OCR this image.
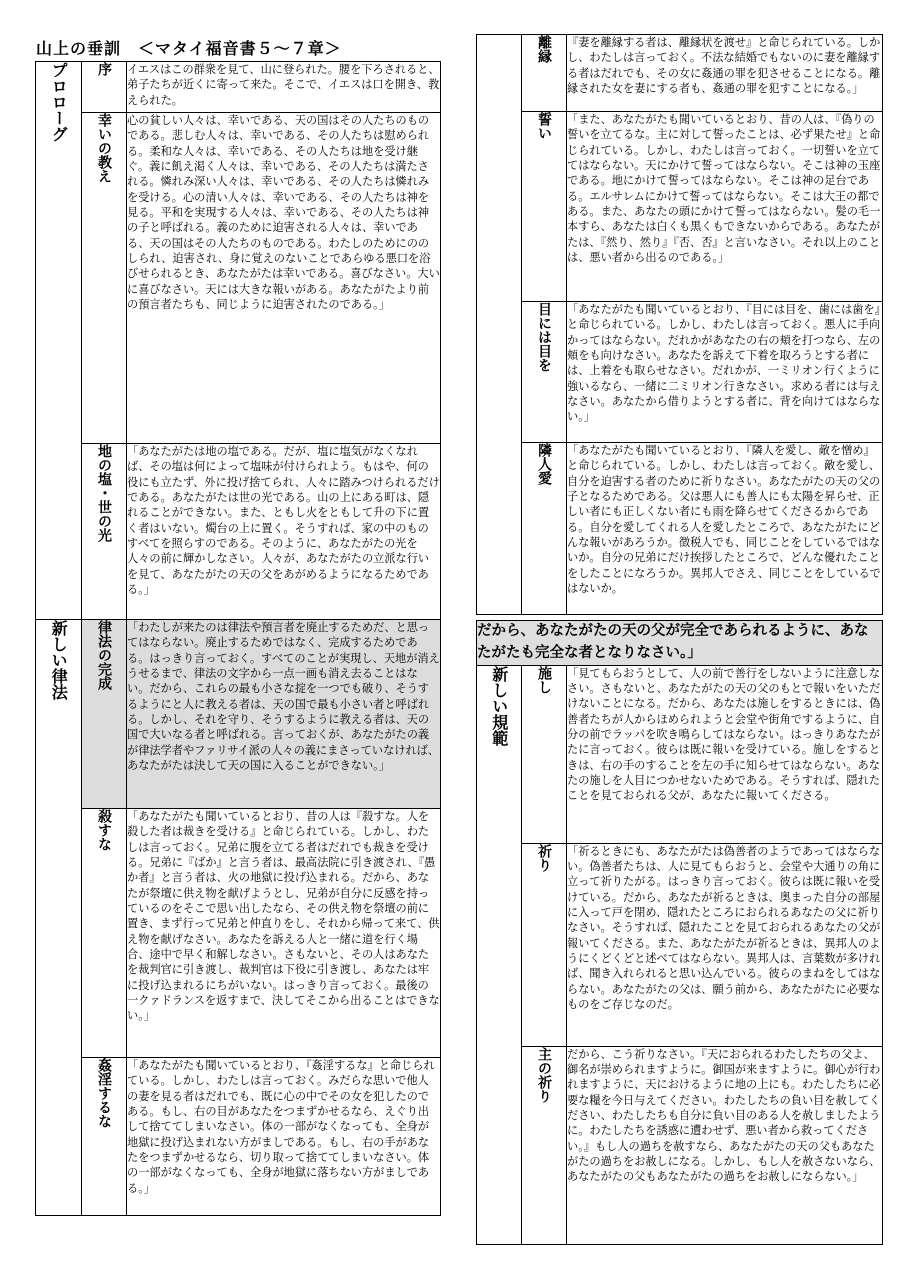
山上の垂訓　＜マタイ福音書５～７章＞
プロローグ	序	イエスはこの群衆を見て、山に登られた。腰を下ろされると、弟子たちが近くに寄って来た。そこで、イエスは口を開き、教えられた。
	幸いの教え	心の貧しい人々は、幸いである、天の国はその人たちのものである。悲しむ人々は、幸いである、その人たちは慰められる。柔和な人々は、幸いである、その人たちは地を受け継ぐ。義に飢え渇く人々は、幸いである、その人たちは満たされる。憐れみ深い人々は、幸いである、その人たちは憐れみを受ける。心の清い人々は、幸いである、その人たちは神を見る。平和を実現する人々は、幸いである、その人たちは神の子と呼ばれる。義のために迫害される人々は、幸いである、天の国はその人たちのものである。わたしのためにののしられ、迫害され、身に覚えのないことであらゆる悪口を浴びせられるとき、あなたがたは幸いである。喜びなさい。大いに喜びなさい。天には大きな報いがある。あなたがたより前の預言者たちも、同じように迫害されたのである。」
	地の塩・世の光	「あなたがたは地の塩である。だが、塩に塩気がなくなれば、その塩は何によって塩味が付けられよう。もはや、何の役にも立たず、外に投げ捨てられ、人々に踏みつけられるだけである。あなたがたは世の光である。山の上にある町は、隠れることができない。また、ともし火をともして升の下に置く者はいない。燭台の上に置く。そうすれば、家の中のものすべてを照らすのである。そのように、あなたがたの光を人々の前に輝かしなさい。人々が、あなたがたの立派な行いを見て、あなたがたの天の父をあがめるようになるためである。」
新しい律法	律法の完成	「わたしが来たのは律法や預言者を廃止するためだ、と思ってはならない。廃止するためではなく、完成するためである。はっきり言っておく。すべてのことが実現し、天地が消えうせるまで、律法の文字から一点一画も消え去ることはない。だから、これらの最も小さな掟を一つでも破り、そうするようにと人に教える者は、天の国で最も小さい者と呼ばれる。しかし、それを守り、そうするように教える者は、天の国で大いなる者と呼ばれる。言っておくが、あなたがたの義が律法学者やファリサイ派の人々の義にまさっていなければ、あなたがたは決して天の国に入ることができない。」
	殺すな	「あなたがたも聞いているとおり、昔の人は『殺すな。人を殺した者は裁きを受ける』と命じられている。しかし、わたしは言っておく。兄弟に腹を立てる者はだれでも裁きを受ける。兄弟に『ばか』と言う者は、最高法院に引き渡され、『愚か者』と言う者は、火の地獄に投げ込まれる。だから、あなたが祭壇に供え物を献げようとし、兄弟が自分に反感を持っているのをそこで思い出したなら、その供え物を祭壇の前に置き、まず行って兄弟と仲直りをし、それから帰って来て、供え物を献げなさい。あなたを訴える人と一緒に道を行く場合、途中で早く和解しなさい。さもないと、その人はあなたを裁判官に引き渡し、裁判官は下役に引き渡し、あなたは牢に投げ込まれるにちがいない。はっきり言っておく。最後の一クァドランスを返すまで、決してそこから出ることはできない。」
	姦淫するな	「あなたがたも聞いているとおり、『姦淫するな』と命じられている。しかし、わたしは言っておく。みだらな思いで他人の妻を見る者はだれでも、既に心の中でその女を犯したのである。もし、右の目があなたをつまずかせるなら、えぐり出して捨ててしまいなさい。体の一部がなくなっても、全身が地獄に投げ込まれない方がましである。もし、右の手があなたをつまずかせるなら、切り取って捨ててしまいなさい。体の一部がなくなっても、全身が地獄に落ちない方がましである。」
	離縁	『妻を離縁する者は、離縁状を渡せ』と命じられている。しかし、わたしは言っておく。不法な結婚でもないのに妻を離縁する者はだれでも、その女に姦通の罪を犯させることになる。離縁された女を妻にする者も、姦通の罪を犯すことになる。」
	誓い	「また、あなたがたも聞いているとおり、昔の人は、『偽りの誓いを立てるな。主に対して誓ったことは、必ず果たせ』と命じられている。しかし、わたしは言っておく。一切誓いを立ててはならない。天にかけて誓ってはならない。そこは神の玉座である。地にかけて誓ってはならない。そこは神の足台である。エルサレムにかけて誓ってはならない。そこは大王の都である。また、あなたの頭にかけて誓ってはならない。髪の毛一本すら、あなたは白くも黒くもできないからである。あなたがたは、『然り、然り』『否、否』と言いなさい。それ以上のことは、悪い者から出るのである。」
	目には目を	「あなたがたも聞いているとおり、『目には目を、歯には歯を』と命じられている。しかし、わたしは言っておく。悪人に手向かってはならない。だれかがあなたの右の頬を打つなら、左の頬をも向けなさい。あなたを訴えて下着を取ろうとする者には、上着をも取らせなさい。だれかが、一ミリオン行くように強いるなら、一緒に二ミリオン行きなさい。求める者には与えなさい。あなたから借りようとする者に、背を向けてはならない。」
	隣人愛	「あなたがたも聞いているとおり、『隣人を愛し、敵を憎め』と命じられている。しかし、わたしは言っておく。敵を愛し、自分を迫害する者のために祈りなさい。あなたがたの天の父の子となるためである。父は悪人にも善人にも太陽を昇らせ、正しい者にも正しくない者にも雨を降らせてくださるからである。自分を愛してくれる人を愛したところで、あなたがたにどんな報いがあろうか。徴税人でも、同じことをしているではないか。自分の兄弟にだけ挨拶したところで、どんな優れたことをしたことになろうか。異邦人でさえ、同じことをしているではないか。
だから、あなたがたの天の父が完全であられるように、あなたがたも完全な者となりなさい。」		
新しい規範	施し	「見てもらおうとして、人の前で善行をしないように注意しなさい。さもないと、あなたがたの天の父のもとで報いをいただけないことになる。だから、あなたは施しをするときには、偽善者たちが人からほめられようと会堂や街角でするように、自分の前でラッパを吹き鳴らしてはならない。はっきりあなたがたに言っておく。彼らは既に報いを受けている。施しをするときは、右の手のすることを左の手に知らせてはならない。あなたの施しを人目につかせないためである。そうすれば、隠れたことを見ておられる父が、あなたに報いてくださる。
	祈り	「祈るときにも、あなたがたは偽善者のようであってはならない。偽善者たちは、人に見てもらおうと、会堂や大通りの角に立って祈りたがる。はっきり言っておく。彼らは既に報いを受けている。だから、あなたが祈るときは、奥まった自分の部屋に入って戸を閉め、隠れたところにおられるあなたの父に祈りなさい。そうすれば、隠れたことを見ておられるあなたの父が報いてくださる。また、あなたがたが祈るときは、異邦人のようにくどくどと述べてはならない。異邦人は、言葉数が多ければ、聞き入れられると思い込んでいる。彼らのまねをしてはならない。あなたがたの父は、願う前から、あなたがたに必要なものをご存じなのだ。
	主の祈り	だから、こう祈りなさい。『天におられるわたしたちの父よ、御名が崇められますように。御国が来ますように。御心が行われますように、天におけるように地の上にも。わたしたちに必要な糧を今日与えてください。わたしたちの負い目を赦してください、わたしたちも自分に負い目のある人を赦しましたように。わたしたちを誘惑に遭わせず、悪い者から救ってください。』もし人の過ちを赦すなら、あなたがたの天の父もあなたがたの過ちをお赦しになる。しかし、もし人を赦さないなら、あなたがたの父もあなたがたの過ちをお赦しにならない。」
